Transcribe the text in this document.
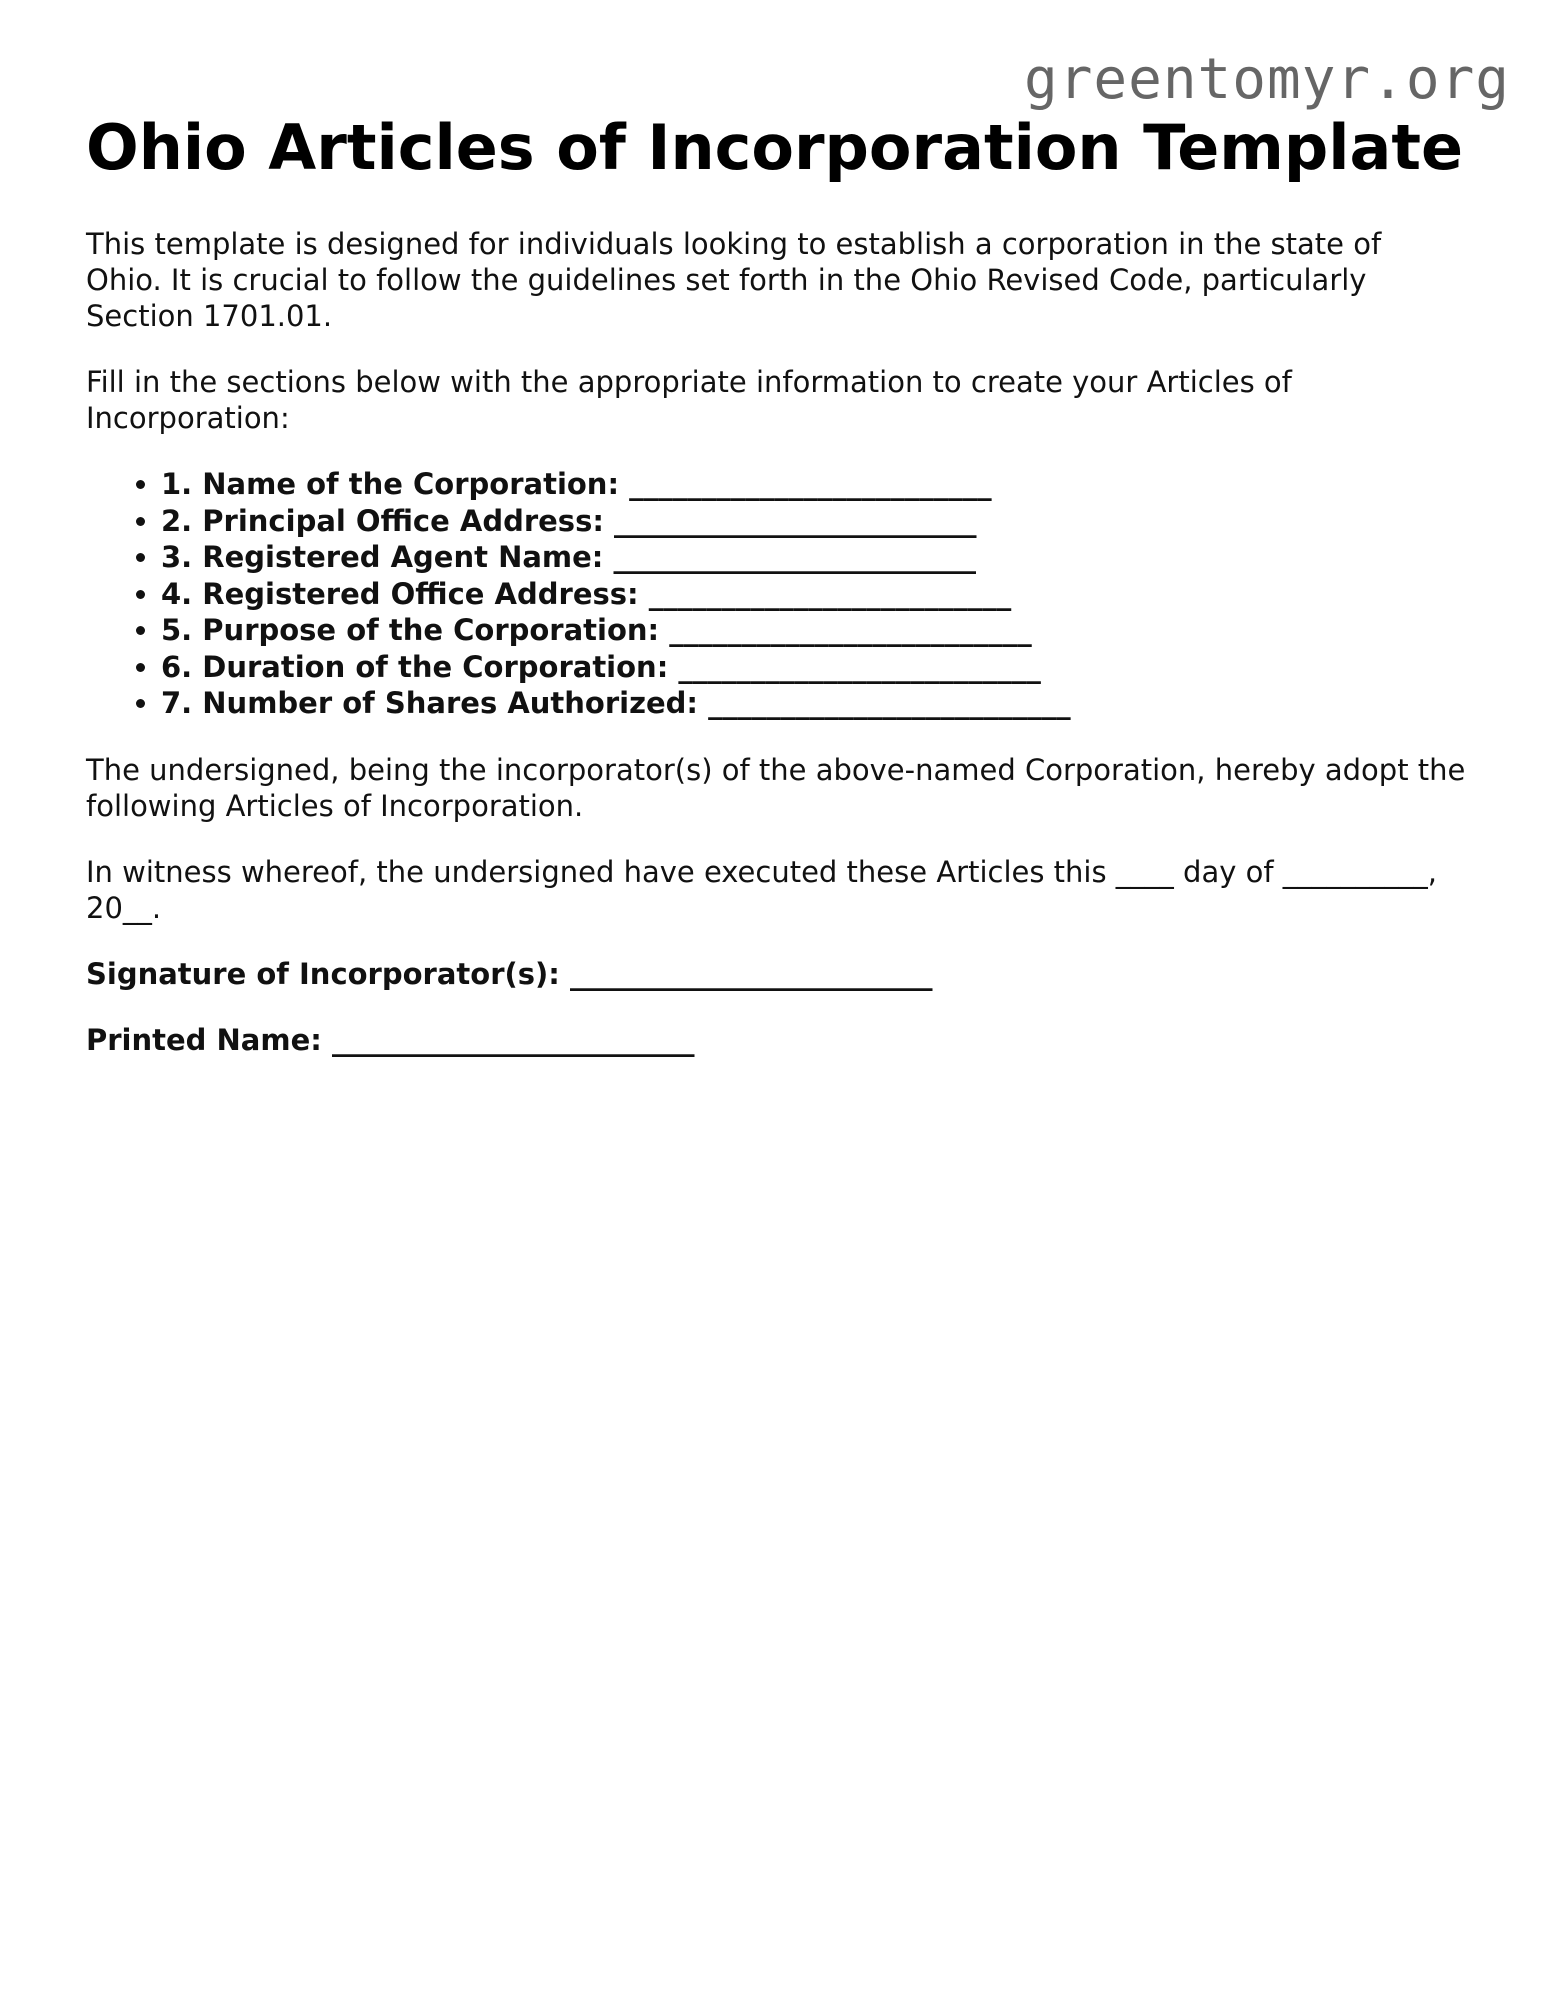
greentomyr.org
Ohio Articles of Incorporation Template

This template is designed for individuals looking to establish a corporation in the state of Ohio. It is crucial to follow the guidelines set forth in the Ohio Revised Code, particularly Section 1701.01.

Fill in the sections below with the appropriate information to create your Articles of Incorporation:

• 1. Name of the Corporation: _________________________
• 2. Principal Office Address: _________________________
• 3. Registered Agent Name: _________________________
• 4. Registered Office Address: _________________________
• 5. Purpose of the Corporation: _________________________
• 6. Duration of the Corporation: _________________________
• 7. Number of Shares Authorized: _________________________

The undersigned, being the incorporator(s) of the above-named Corporation, hereby adopt the following Articles of Incorporation.

In witness whereof, the undersigned have executed these Articles this ____ day of __________, 20__.

Signature of Incorporator(s): _________________________
Printed Name: _________________________
